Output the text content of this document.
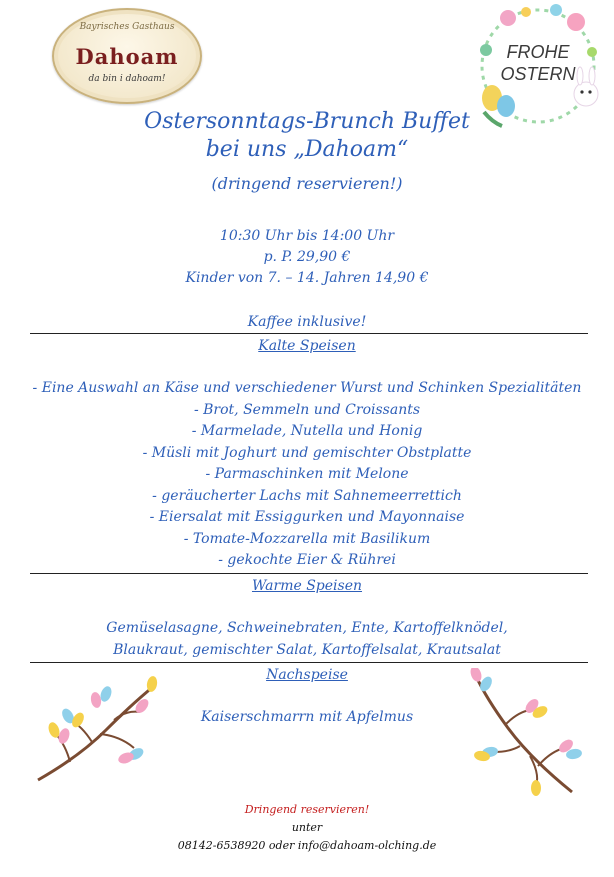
Bayrisches Gasthaus
Dahoam
da bin i dahoam!
FROHE
OSTERN
Ostersonntags-Brunch Buffet
bei uns „Dahoam“
(dringend reservieren!)
10:30 Uhr bis 14:00 Uhr
p. P. 29,90 €
Kinder von 7. – 14. Jahren 14,90 €
Kaffee inklusive!
Kalte Speisen
- Eine Auswahl an Käse und verschiedener Wurst und Schinken Spezialitäten
- Brot, Semmeln und Croissants
- Marmelade, Nutella und Honig
- Müsli mit Joghurt und gemischter Obstplatte
- Parmaschinken mit Melone
- geräucherter Lachs mit Sahnemeerrettich
- Eiersalat mit Essiggurken und Mayonnaise
- Tomate-Mozzarella mit Basilikum
- gekochte Eier & Rührei
Warme Speisen
Gemüselasagne, Schweinebraten, Ente, Kartoffelknödel,
Blaukraut, gemischter Salat, Kartoffelsalat, Krautsalat
Nachspeise
Kaiserschmarrn mit Apfelmus
Dringend reservieren!
unter
08142-6538920 oder info@dahoam-olching.de
